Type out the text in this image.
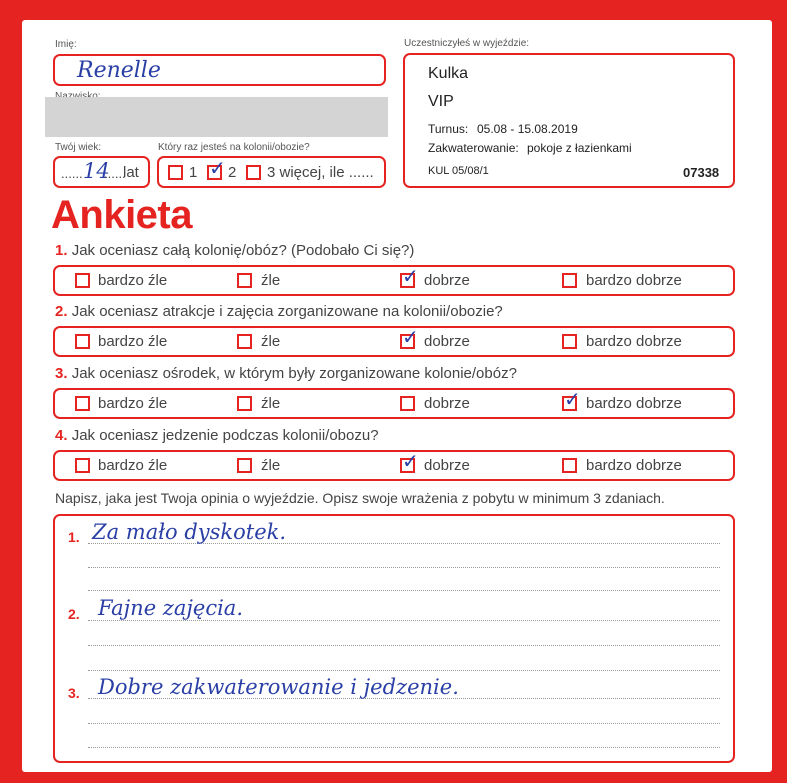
Imię:
Renelle
Twój wiek:
...... 14
......
lat
Który raz jesteś na kolonii/obozie?
1 ✓ 2 3 więcej, ile ......
Uczestniczyłeś w wyjeździe:
Kulka
VIP
Turnus: 05.08 - 15.08.2019
Zakwaterowanie: pokoje z łazienkami
KUL 05/08/1	07338
Ankieta
1. Jak oceniasz całą kolonię/obóz? (Podobało Ci się?)
bardzo źle	źle	✓ dobrze	bardzo dobrze
2. Jak oceniasz atrakcje i zajęcia zorganizowane na kolonii/obozie?
bardzo źle	źle	✓ dobrze	bardzo dobrze
3. Jak oceniasz ośrodek, w którym były zorganizowane kolonie/obóz?
bardzo źle	źle	dobrze	✓ bardzo dobrze
4. Jak oceniasz jedzenie podczas kolonii/obozu?
bardzo źle	źle	✓ dobrze	bardzo dobrze
Napisz, jaka jest Twoja opinia o wyjeździe. Opisz swoje wrażenia z pobytu w minimum 3 zdaniach.
1. Za mało dyskotek.
2. Fajne zajęcia.
3. Dobre zakwaterowanie i jedzenie.
